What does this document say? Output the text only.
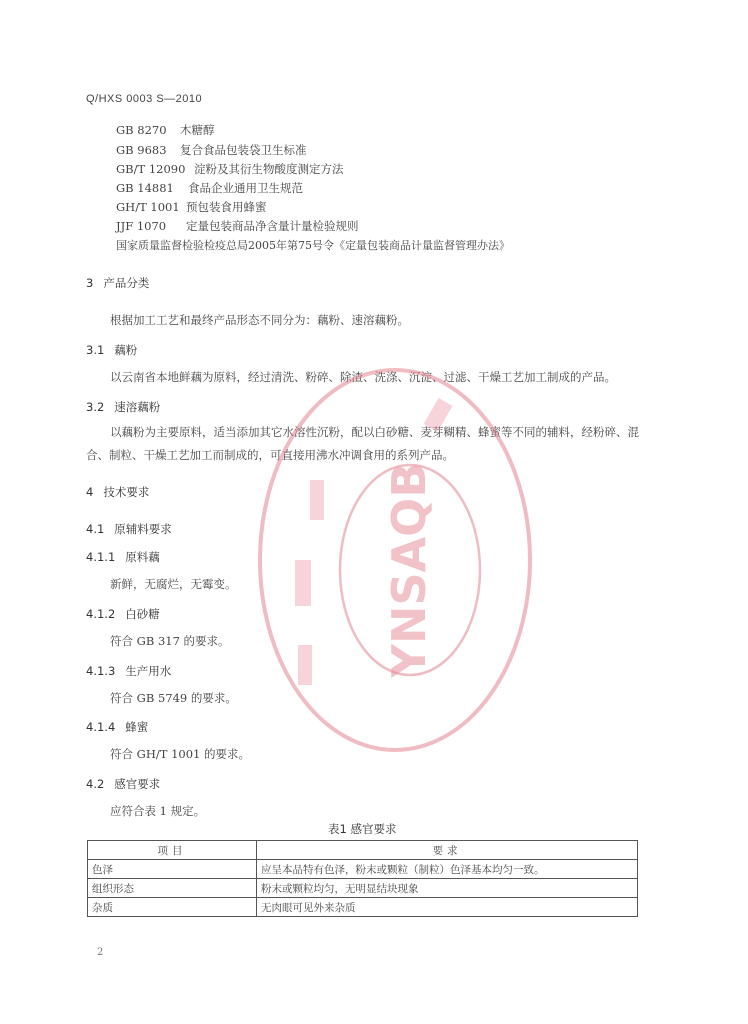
Q/HXS 0003 S—2010
GB 8270 木糖醇
GB 9683 复合食品包装袋卫生标准
GB/T 12090 淀粉及其衍生物酸度测定方法
GB 14881 食品企业通用卫生规范
GH/T 1001 预包装食用蜂蜜
JJF 1070 定量包装商品净含量计量检验规则
国家质量监督检验检疫总局2005年第75号令《定量包装商品计量监督管理办法》
3 产品分类
根据加工工艺和最终产品形态不同分为：藕粉、速溶藕粉。
3.1 藕粉
以云南省本地鲜藕为原料，经过清洗、粉碎、除渣、洗涤、沉淀、过滤、干燥工艺加工制成的产品。
3.2 速溶藕粉
以藕粉为主要原料，适当添加其它水溶性沉粉，配以白砂糖、麦芽糊精、蜂蜜等不同的辅料，经粉碎、混合、制粒、干燥工艺加工而制成的，可直接用沸水冲调食用的系列产品。
4 技术要求
4.1 原辅料要求
4.1.1 原料藕
新鲜，无腐烂，无霉变。
4.1.2 白砂糖
符合 GB 317 的要求。
4.1.3 生产用水
符合 GB 5749 的要求。
4.1.4 蜂蜜
符合 GH/T 1001 的要求。
4.2 感官要求
应符合表 1 规定。
表1 感官要求
项目	要求
色泽	应呈本品特有色泽，粉末或颗粒（制粒）色泽基本均匀一致。
组织形态	粉末或颗粒均匀，无明显结块现象
杂质	无肉眼可见外来杂质
YNSAQB
2
